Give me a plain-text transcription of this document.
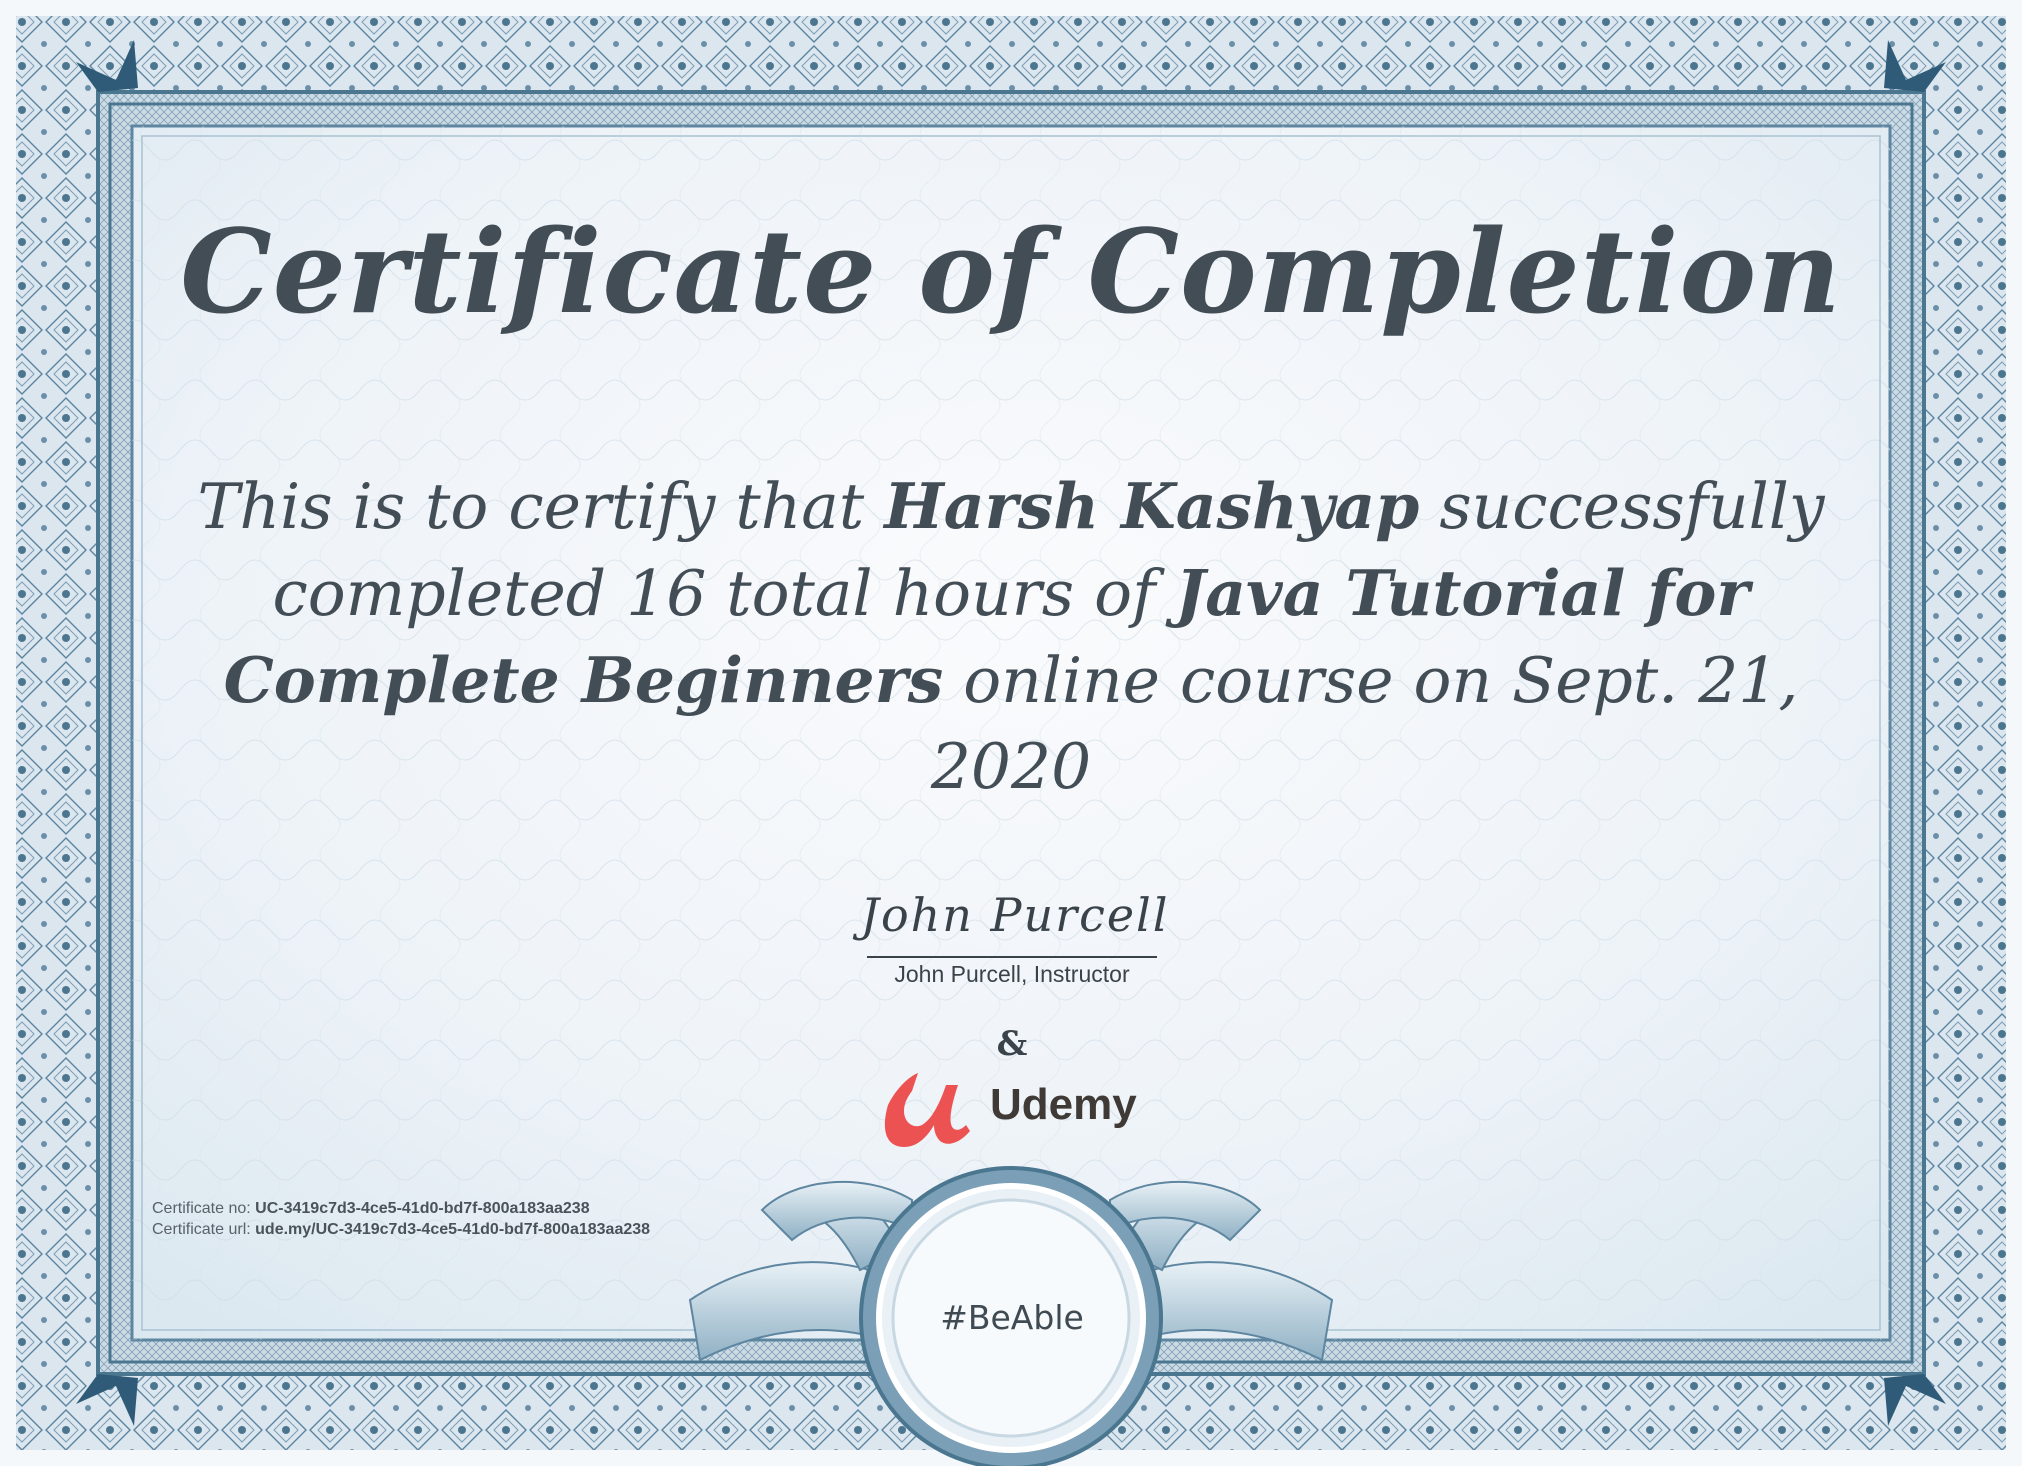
Certificate of Completion

This is to certify that Harsh Kashyap successfully completed 16 total hours of Java Tutorial for Complete Beginners online course on Sept. 21, 2020

John Purcell
John Purcell, Instructor
&
Udemy
Certificate no: UC-3419c7d3-4ce5-41d0-bd7f-800a183aa238
Certificate url: ude.my/UC-3419c7d3-4ce5-41d0-bd7f-800a183aa238
#BeAble
